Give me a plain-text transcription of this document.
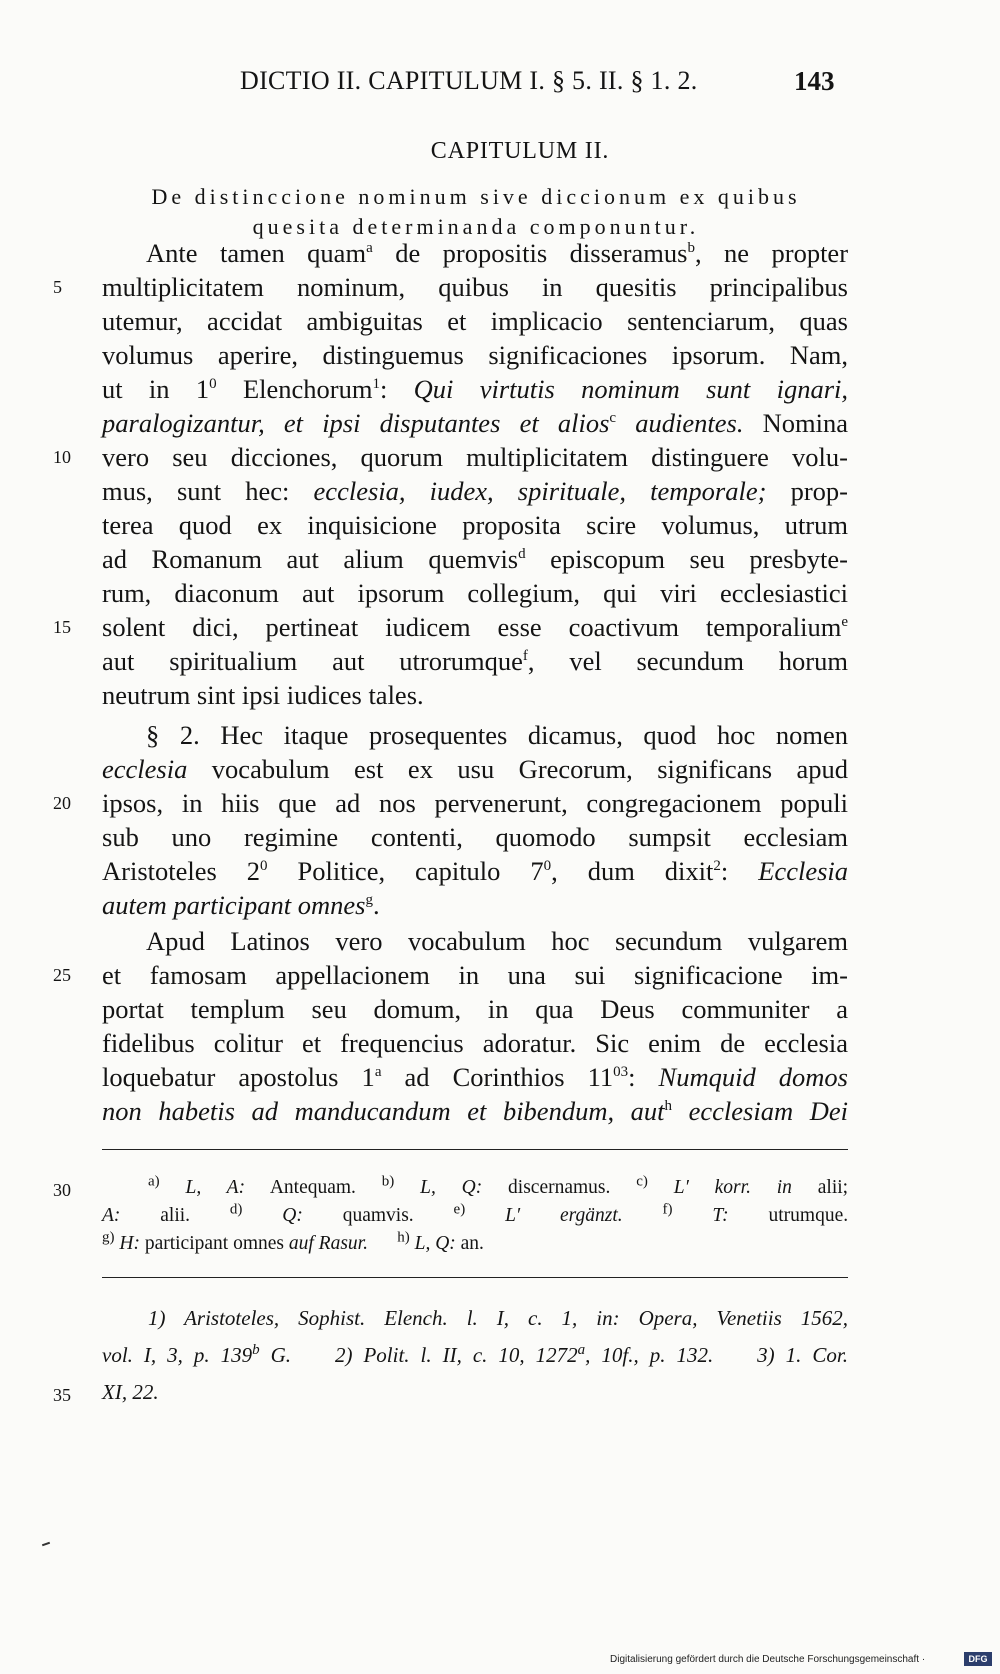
DICTIO II. CAPITULUM I. § 5. II. § 1. 2.	143
CAPITULUM II.
De distinccione nominum sive diccionum ex quibus
quesita determinanda componuntur.
Ante tamen quam$^a$ de propositis disseramus$^b$, ne propter
multiplicitatem nominum, quibus in quesitis principalibus
utemur, accidat ambiguitas et implicacio sentenciarum, quas
volumus aperire, distinguemus significaciones ipsorum. Nam,
ut in $1^0$ Elenchorum$^1$: Qui virtutis nominum sunt ignari,
paralogizantur, et ipsi disputantes et alios$^c$ audientes. Nomina
vero seu dicciones, quorum multiplicitatem distinguere volu-
mus, sunt hec: ecclesia, iudex, spirituale, temporale; prop-
terea quod ex inquisicione proposita scire volumus, utrum
ad Romanum aut alium quemvis$^d$ episcopum seu presbyte-
rum, diaconum aut ipsorum collegium, qui viri ecclesiastici
solent dici, pertineat iudicem esse coactivum temporalium$^e$
aut spiritualium aut utrorumque$^f$, vel secundum horum
neutrum sint ipsi iudices tales.
§ 2. Hec itaque prosequentes dicamus, quod hoc nomen
ecclesia vocabulum est ex usu Grecorum, significans apud
ipsos, in hiis que ad nos pervenerunt, congregacionem populi
sub uno regimine contenti, quomodo sumpsit ecclesiam
Aristoteles $2^0$ Politice, capitulo $7^0$, dum dixit$^2$: Ecclesia
autem participant omnes$^g$.
Apud Latinos vero vocabulum hoc secundum vulgarem
et famosam appellacionem in una sui significacione im-
portat templum seu domum, in qua Deus communiter a
fidelibus colitur et frequencius adoratur. Sic enim de ecclesia
loquebatur apostolus 1$^a$ ad Corinthios $11^{03}$: Numquid domos
non habetis ad manducandum et bibendum, aut$^h$ ecclesiam Dei
5
10
15
20
25
30
35
$^{a)}$ L, A: Antequam. $^{b)}$ L, Q: discernamus. $^{c)}$ L′ korr. in alii;
A: alii.	$^{d)}$ Q: quamvis.	$^{e)}$ L′ ergänzt.	$^{f)}$ T: utrumque.
$^{g)}$ H: participant omnes auf Rasur. $^{h)}$ L, Q: an.
1) Aristoteles, Sophist. Elench. l. I, c. 1, in: Opera, Venetiis 1562,
vol. I, 3, p. 139$^b$ G. 2) Polit. l. II, c. 10, 1272$^a$, 10f., p. 132. 3) 1. Cor.
XI, 22.
Digitalisierung gefördert durch die Deutsche Forschungsgemeinschaft ·	DFG
